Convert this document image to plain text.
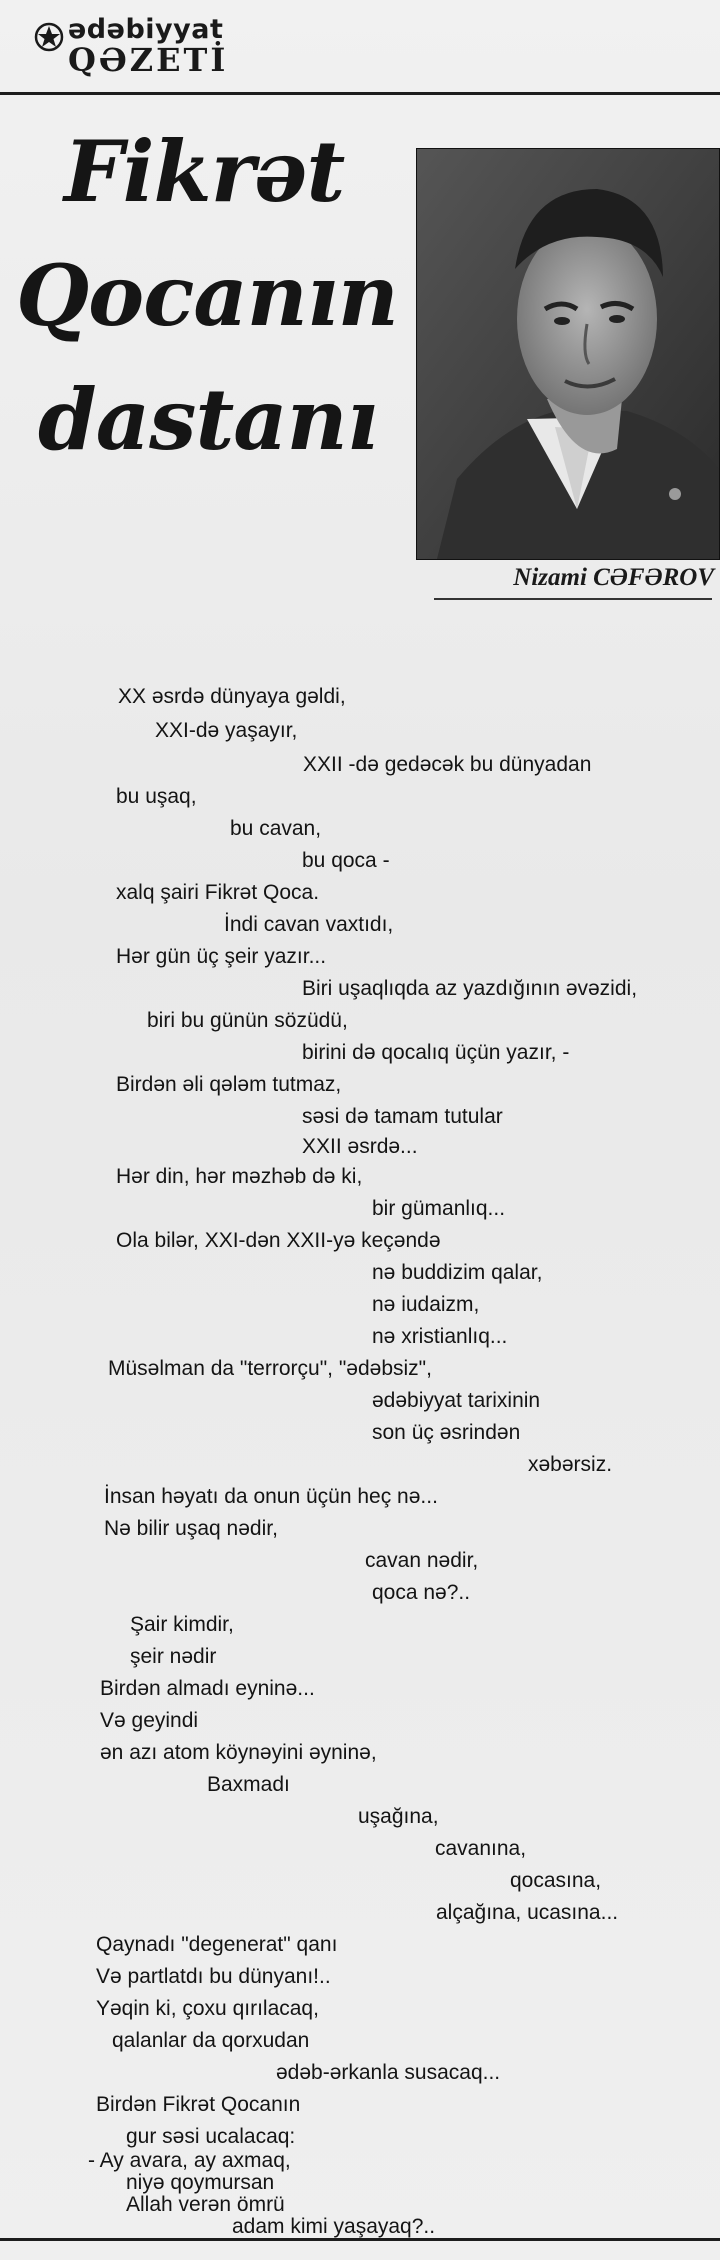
ədəbiyyat
QƏZETİ
Fikrət
Qocanın
dastanı
Nizami CƏFƏROV
XX əsrdə dünyaya gəldi,
XXI-də yaşayır,
XXII -də gedəcək bu dünyadan
bu uşaq,
bu cavan,
bu qoca -
xalq şairi Fikrət Qoca.
İndi cavan vaxtıdı,
Hər gün üç şeir yazır...
Biri uşaqlıqda az yazdığının əvəzidi,
biri bu günün sözüdü,
birini də qocalıq üçün yazır, -
Birdən əli qələm tutmaz,
səsi də tamam tutular
XXII əsrdə...
Hər din, hər məzhəb də ki,
bir gümanlıq...
Ola bilər, XXI-dən XXII-yə keçəndə
nə buddizim qalar,
nə iudaizm,
nə xristianlıq...
Müsəlman da "terrorçu", "ədəbsiz",
ədəbiyyat tarixinin
son üç əsrindən
xəbərsiz.
İnsan həyatı da onun üçün heç nə...
Nə bilir uşaq nədir,
cavan nədir,
qoca nə?..
Şair kimdir,
şeir nədir
Birdən almadı eyninə...
Və geyindi
ən azı atom köynəyini əyninə,
Baxmadı
uşağına,
cavanına,
qocasına,
alçağına, ucasına...
Qaynadı "degenerat" qanı
Və partlatdı bu dünyanı!..
Yəqin ki, çoxu qırılacaq,
qalanlar da qorxudan
ədəb-ərkanla susacaq...
Birdən Fikrət Qocanın
gur səsi ucalacaq:
- Ay avara, ay axmaq,
niyə qoymursan
Allah verən ömrü
adam kimi yaşayaq?..
